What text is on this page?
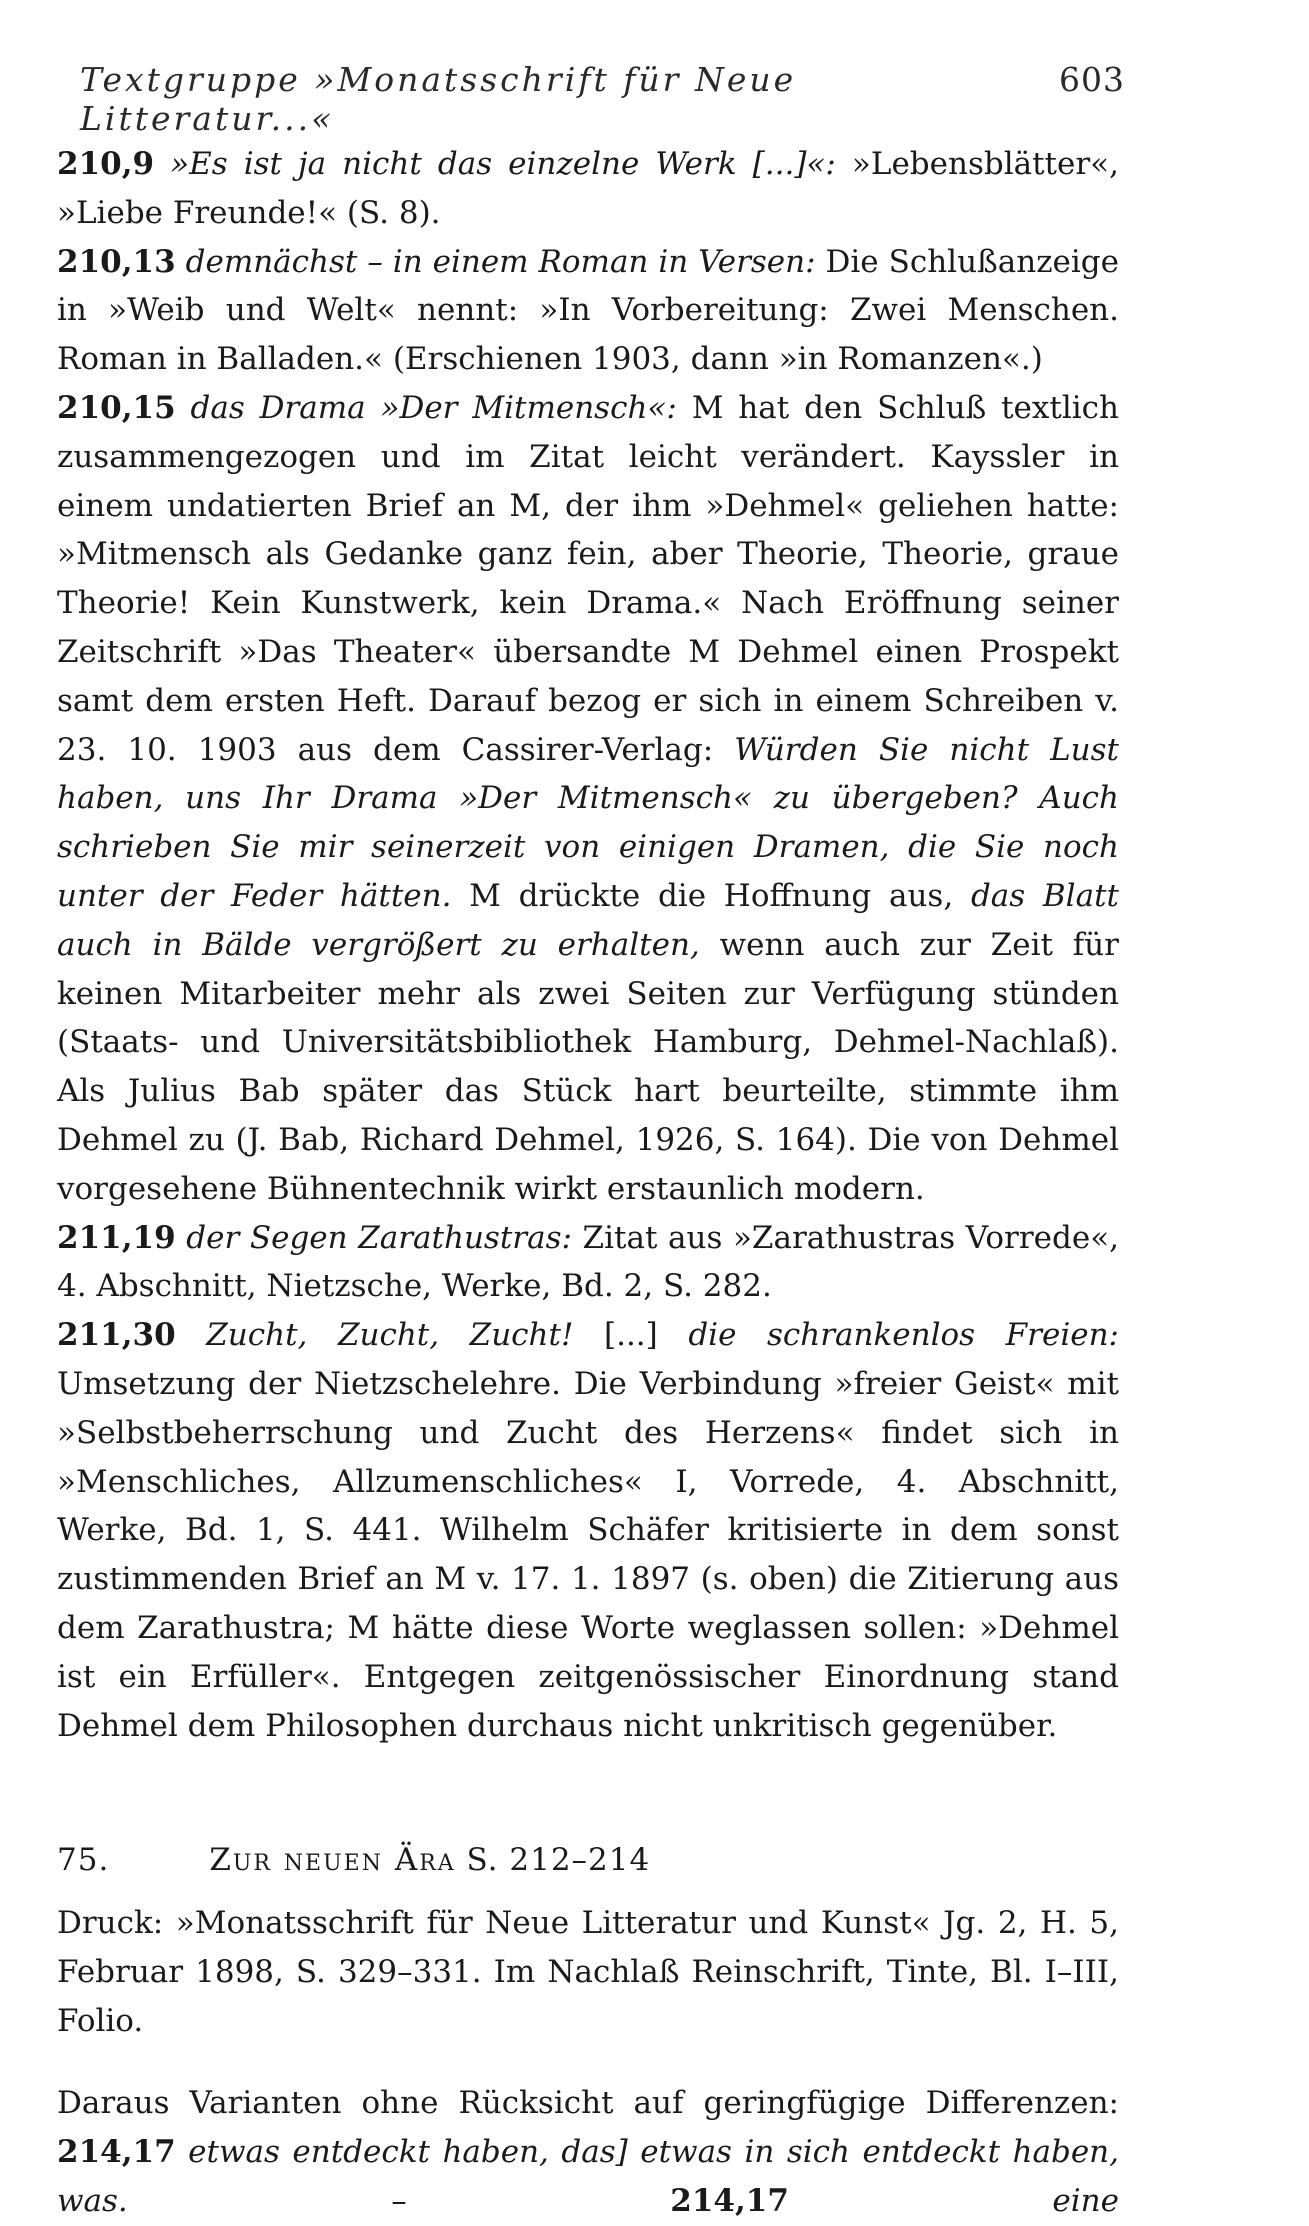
Textgruppe »Monatsschrift für Neue Litteratur...«
603

210,9 »Es ist ja nicht das einzelne Werk [...]«: »Lebensblätter«, »Liebe Freunde!« (S. 8).

210,13 demnächst – in einem Roman in Versen: Die Schlußanzeige in »Weib und Welt« nennt: »In Vorbereitung: Zwei Menschen. Roman in Balladen.« (Erschienen 1903, dann »in Romanzen«.)

210,15 das Drama »Der Mitmensch«: M hat den Schluß textlich zusammengezogen und im Zitat leicht verändert. Kayssler in einem undatierten Brief an M, der ihm »Dehmel« geliehen hatte: »Mitmensch als Gedanke ganz fein, aber Theorie, Theorie, graue Theorie! Kein Kunstwerk, kein Drama.« Nach Eröffnung seiner Zeitschrift »Das Theater« übersandte M Dehmel einen Prospekt samt dem ersten Heft. Darauf bezog er sich in einem Schreiben v. 23. 10. 1903 aus dem Cassirer-Verlag: Würden Sie nicht Lust haben, uns Ihr Drama »Der Mitmensch« zu übergeben? Auch schrieben Sie mir seinerzeit von einigen Dramen, die Sie noch unter der Feder hätten. M drückte die Hoffnung aus, das Blatt auch in Bälde vergrößert zu erhalten, wenn auch zur Zeit für keinen Mitarbeiter mehr als zwei Seiten zur Verfügung stünden (Staats- und Universitätsbibliothek Hamburg, Dehmel-Nachlaß). Als Julius Bab später das Stück hart beurteilte, stimmte ihm Dehmel zu (J. Bab, Richard Dehmel, 1926, S. 164). Die von Dehmel vorgesehene Bühnentechnik wirkt erstaunlich modern.

211,19 der Segen Zarathustras: Zitat aus »Zarathustras Vorrede«, 4. Abschnitt, Nietzsche, Werke, Bd. 2, S. 282.

211,30 Zucht, Zucht, Zucht! [...] die schrankenlos Freien: Umsetzung der Nietzschelehre. Die Verbindung »freier Geist« mit »Selbstbeherrschung und Zucht des Herzens« findet sich in »Menschliches, Allzumenschliches« I, Vorrede, 4. Abschnitt, Werke, Bd. 1, S. 441. Wilhelm Schäfer kritisierte in dem sonst zustimmenden Brief an M v. 17. 1. 1897 (s. oben) die Zitierung aus dem Zarathustra; M hätte diese Worte weglassen sollen: »Dehmel ist ein Erfüller«. Entgegen zeitgenössischer Einordnung stand Dehmel dem Philosophen durchaus nicht unkritisch gegenüber.

75.	Zur neuen Ära S. 212–214

Druck: »Monatsschrift für Neue Litteratur und Kunst« Jg. 2, H. 5, Februar 1898, S. 329–331. Im Nachlaß Reinschrift, Tinte, Bl. I–III, Folio.

Daraus Varianten ohne Rücksicht auf geringfügige Differenzen: 214,17 etwas entdeckt haben, das] etwas in sich entdeckt haben, was. – 214,17	eine
